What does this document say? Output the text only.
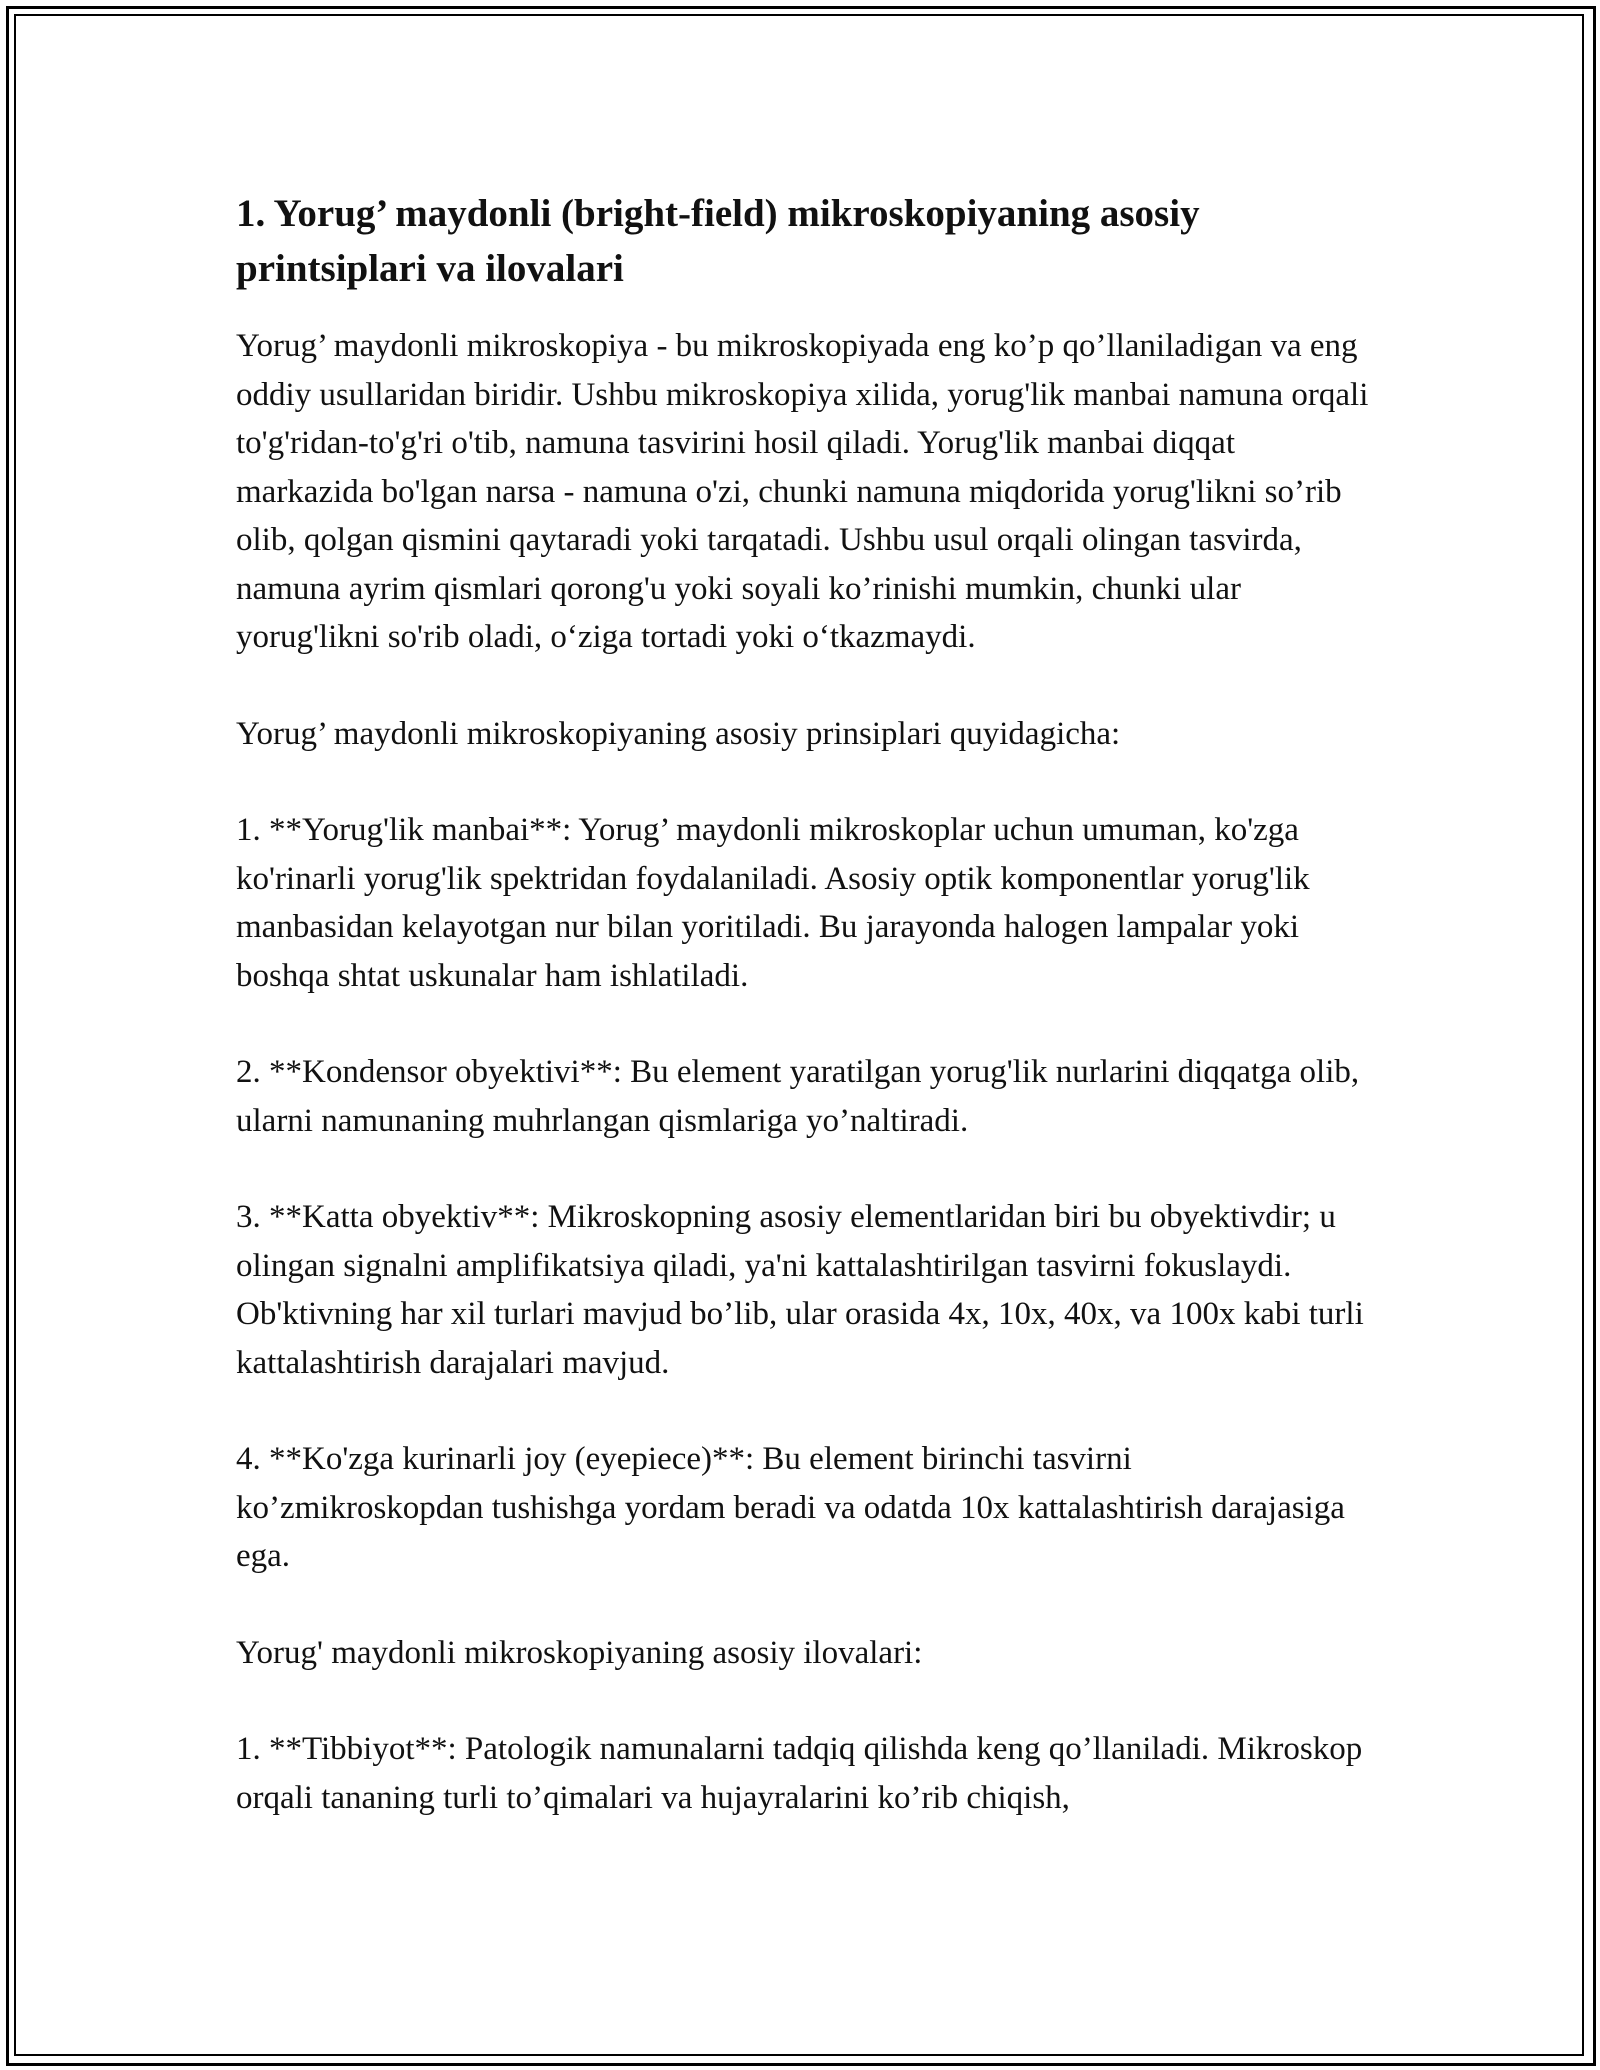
1. Yorug’ maydonli (bright-field) mikroskopiyaning asosiy printsiplari va ilovalari

Yorug’ maydonli mikroskopiya - bu mikroskopiyada eng ko’p qo’llaniladigan va eng oddiy usullaridan biridir. Ushbu mikroskopiya xilida, yorug'lik manbai namuna orqali to'g'ridan-to'g'ri o'tib, namuna tasvirini hosil qiladi. Yorug'lik manbai diqqat markazida bo'lgan narsa - namuna o'zi, chunki namuna miqdorida yorug'likni so’rib olib, qolgan qismini qaytaradi yoki tarqatadi. Ushbu usul orqali olingan tasvirda, namuna ayrim qismlari qorong'u yoki soyali ko’rinishi mumkin, chunki ular yorug'likni so'rib oladi, o‘ziga tortadi yoki o‘tkazmaydi.

Yorug’ maydonli mikroskopiyaning asosiy prinsiplari quyidagicha:

1. **Yorug'lik manbai**: Yorug’ maydonli mikroskoplar uchun umuman, ko'zga ko'rinarli yorug'lik spektridan foydalaniladi. Asosiy optik komponentlar yorug'lik manbasidan kelayotgan nur bilan yoritiladi. Bu jarayonda halogen lampalar yoki boshqa shtat uskunalar ham ishlatiladi.

2. **Kondensor obyektivi**: Bu element yaratilgan yorug'lik nurlarini diqqatga olib, ularni namunaning muhrlangan qismlariga yo’naltiradi.

3. **Katta obyektiv**: Mikroskopning asosiy elementlaridan biri bu obyektivdir; u olingan signalni amplifikatsiya qiladi, ya'ni kattalashtirilgan tasvirni fokuslaydi. Ob'ktivning har xil turlari mavjud bo’lib, ular orasida 4x, 10x, 40x, va 100x kabi turli kattalashtirish darajalari mavjud.

4. **Ko'zga kurinarli joy (eyepiece)**: Bu element birinchi tasvirni ko’zmikroskopdan tushishga yordam beradi va odatda 10x kattalashtirish darajasiga ega.

Yorug' maydonli mikroskopiyaning asosiy ilovalari:

1. **Tibbiyot**: Patologik namunalarni tadqiq qilishda keng qo’llaniladi. Mikroskop orqali tananing turli to’qimalari va hujayralarini ko’rib chiqish,
